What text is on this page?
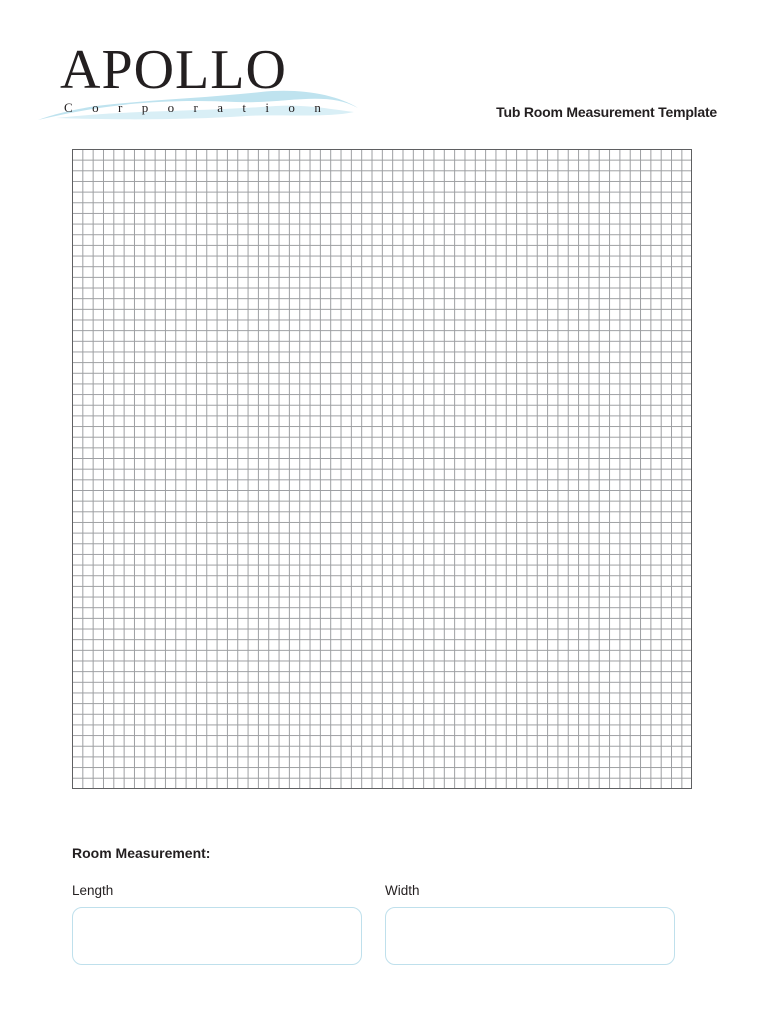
APOLLO
Corporation	Tub Room Measurement Template
Room Measurement:
Length	Width
